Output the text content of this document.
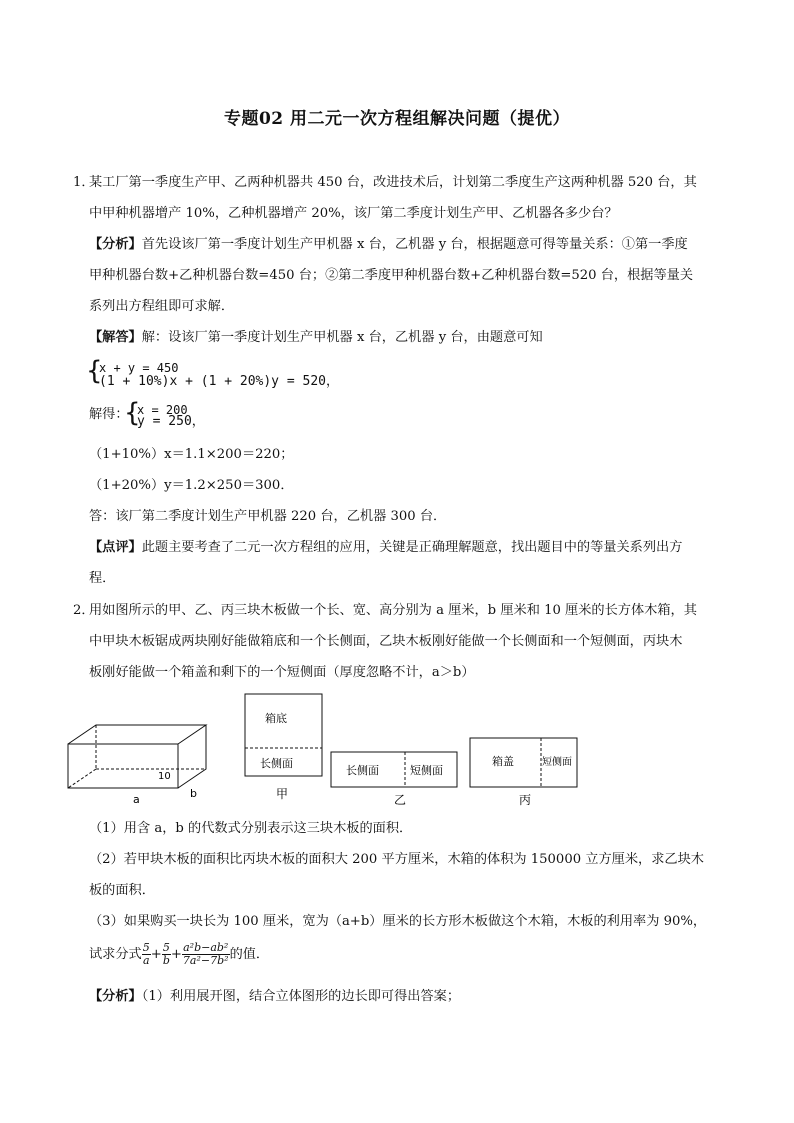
专题02 用二元一次方程组解决问题（提优）
1．
某工厂第一季度生产甲、乙两种机器共 450 台，改进技术后，计划第二季度生产这两种机器 520 台，其
中甲种机器增产 10%，乙种机器增产 20%，该厂第二季度计划生产甲、乙机器各多少台？
【分析】首先设该厂第一季度计划生产甲机器 x 台，乙机器 y 台，根据题意可得等量关系：①第一季度
甲种机器台数+乙种机器台数=450 台；②第二季度甲种机器台数+乙种机器台数=520 台，根据等量关
系列出方程组即可求解．
【解答】解：设该厂第一季度计划生产甲机器 x 台，乙机器 y 台，由题意可知
{
x + y = 450
(1 + 10%)x + (1 + 20%)y = 520，
解得：
{
x = 200
y = 250，
（1+10%）x＝1.1×200＝220；
（1+20%）y＝1.2×250＝300．
答：该厂第二季度计划生产甲机器 220 台，乙机器 300 台．
【点评】此题主要考查了二元一次方程组的应用，关键是正确理解题意，找出题目中的等量关系列出方
程．
2．
用如图所示的甲、乙、丙三块木板做一个长、宽、高分别为 a 厘米，b 厘米和 10 厘米的长方体木箱，其
中甲块木板锯成两块刚好能做箱底和一个长侧面，乙块木板刚好能做一个长侧面和一个短侧面，丙块木
板刚好能做一个箱盖和剩下的一个短侧面（厚度忽略不计，a＞b）
10
a	b
箱底
长侧面
甲
长侧面	短侧面
乙
箱盖	短侧面
丙
（1）用含 a，b 的代数式分别表示这三块木板的面积．
（2）若甲块木板的面积比丙块木板的面积大 200 平方厘米，木箱的体积为 150000 立方厘米，求乙块木
板的面积．
（3）如果购买一块长为 100 厘米，宽为（a+b）厘米的长方形木板做这个木箱，木板的利用率为 90%，
试求分式 $\frac{5}{a} + \frac{5}{b} + \frac{\text{a²b−ab²}}{\text{7a²−7b²}}$ 的值．
【分析】（1）利用展开图，结合立体图形的边长即可得出答案；
